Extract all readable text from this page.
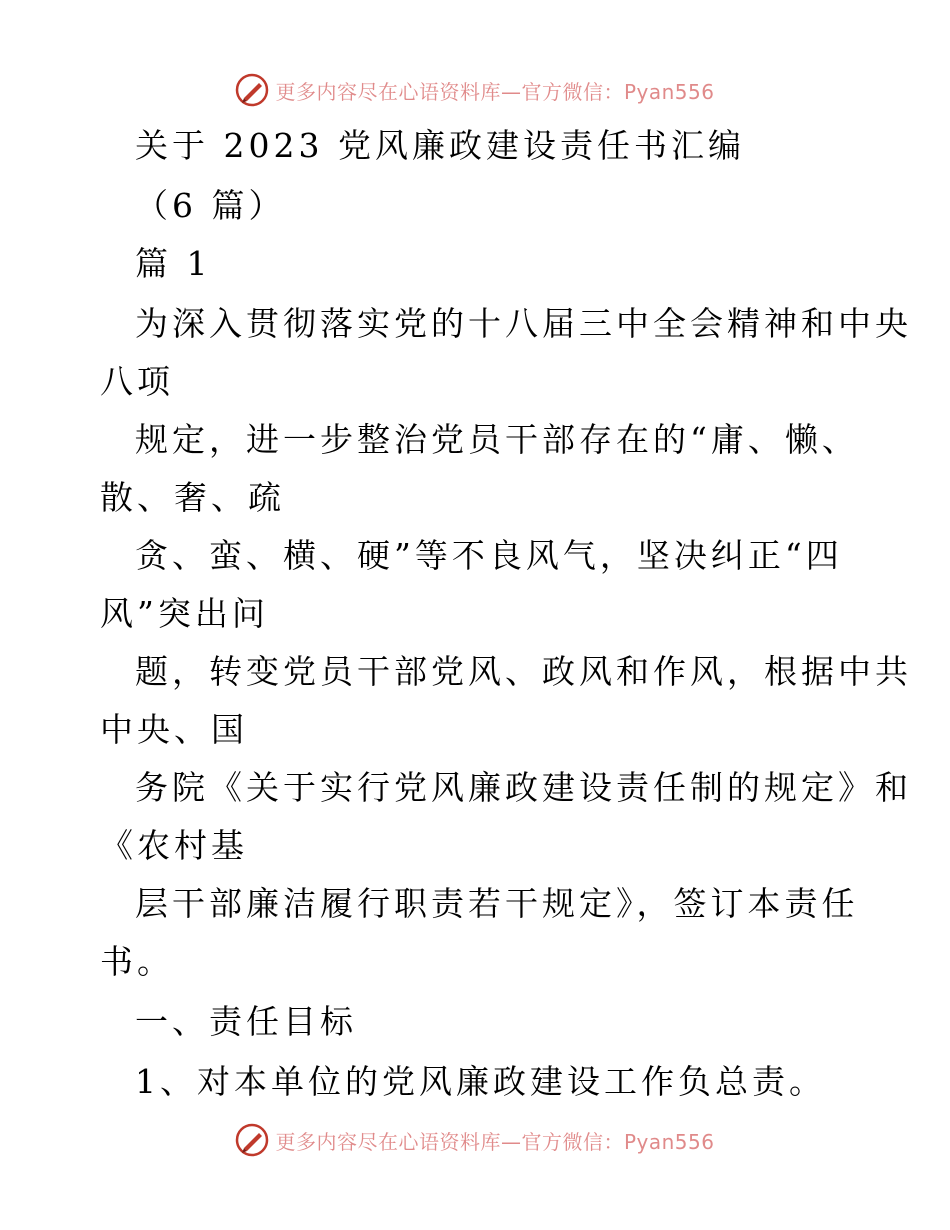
更多内容尽在心语资料库—官方微信：Pyan556
关于 2023 党风廉政建设责任书汇编
（6 篇）
篇 1
为深入贯彻落实党的十八届三中全会精神和中央
八项
规定，进一步整治党员干部存在的“庸、懒、
散、奢、疏
贪、蛮、横、硬”等不良风气，坚决纠正“四
风”突出问
题，转变党员干部党风、政风和作风，根据中共
中央、国
务院《关于实行党风廉政建设责任制的规定》和
《农村基
层干部廉洁履行职责若干规定》，签订本责任
书。
一、责任目标
1、对本单位的党风廉政建设工作负总责。
更多内容尽在心语资料库—官方微信：Pyan556
